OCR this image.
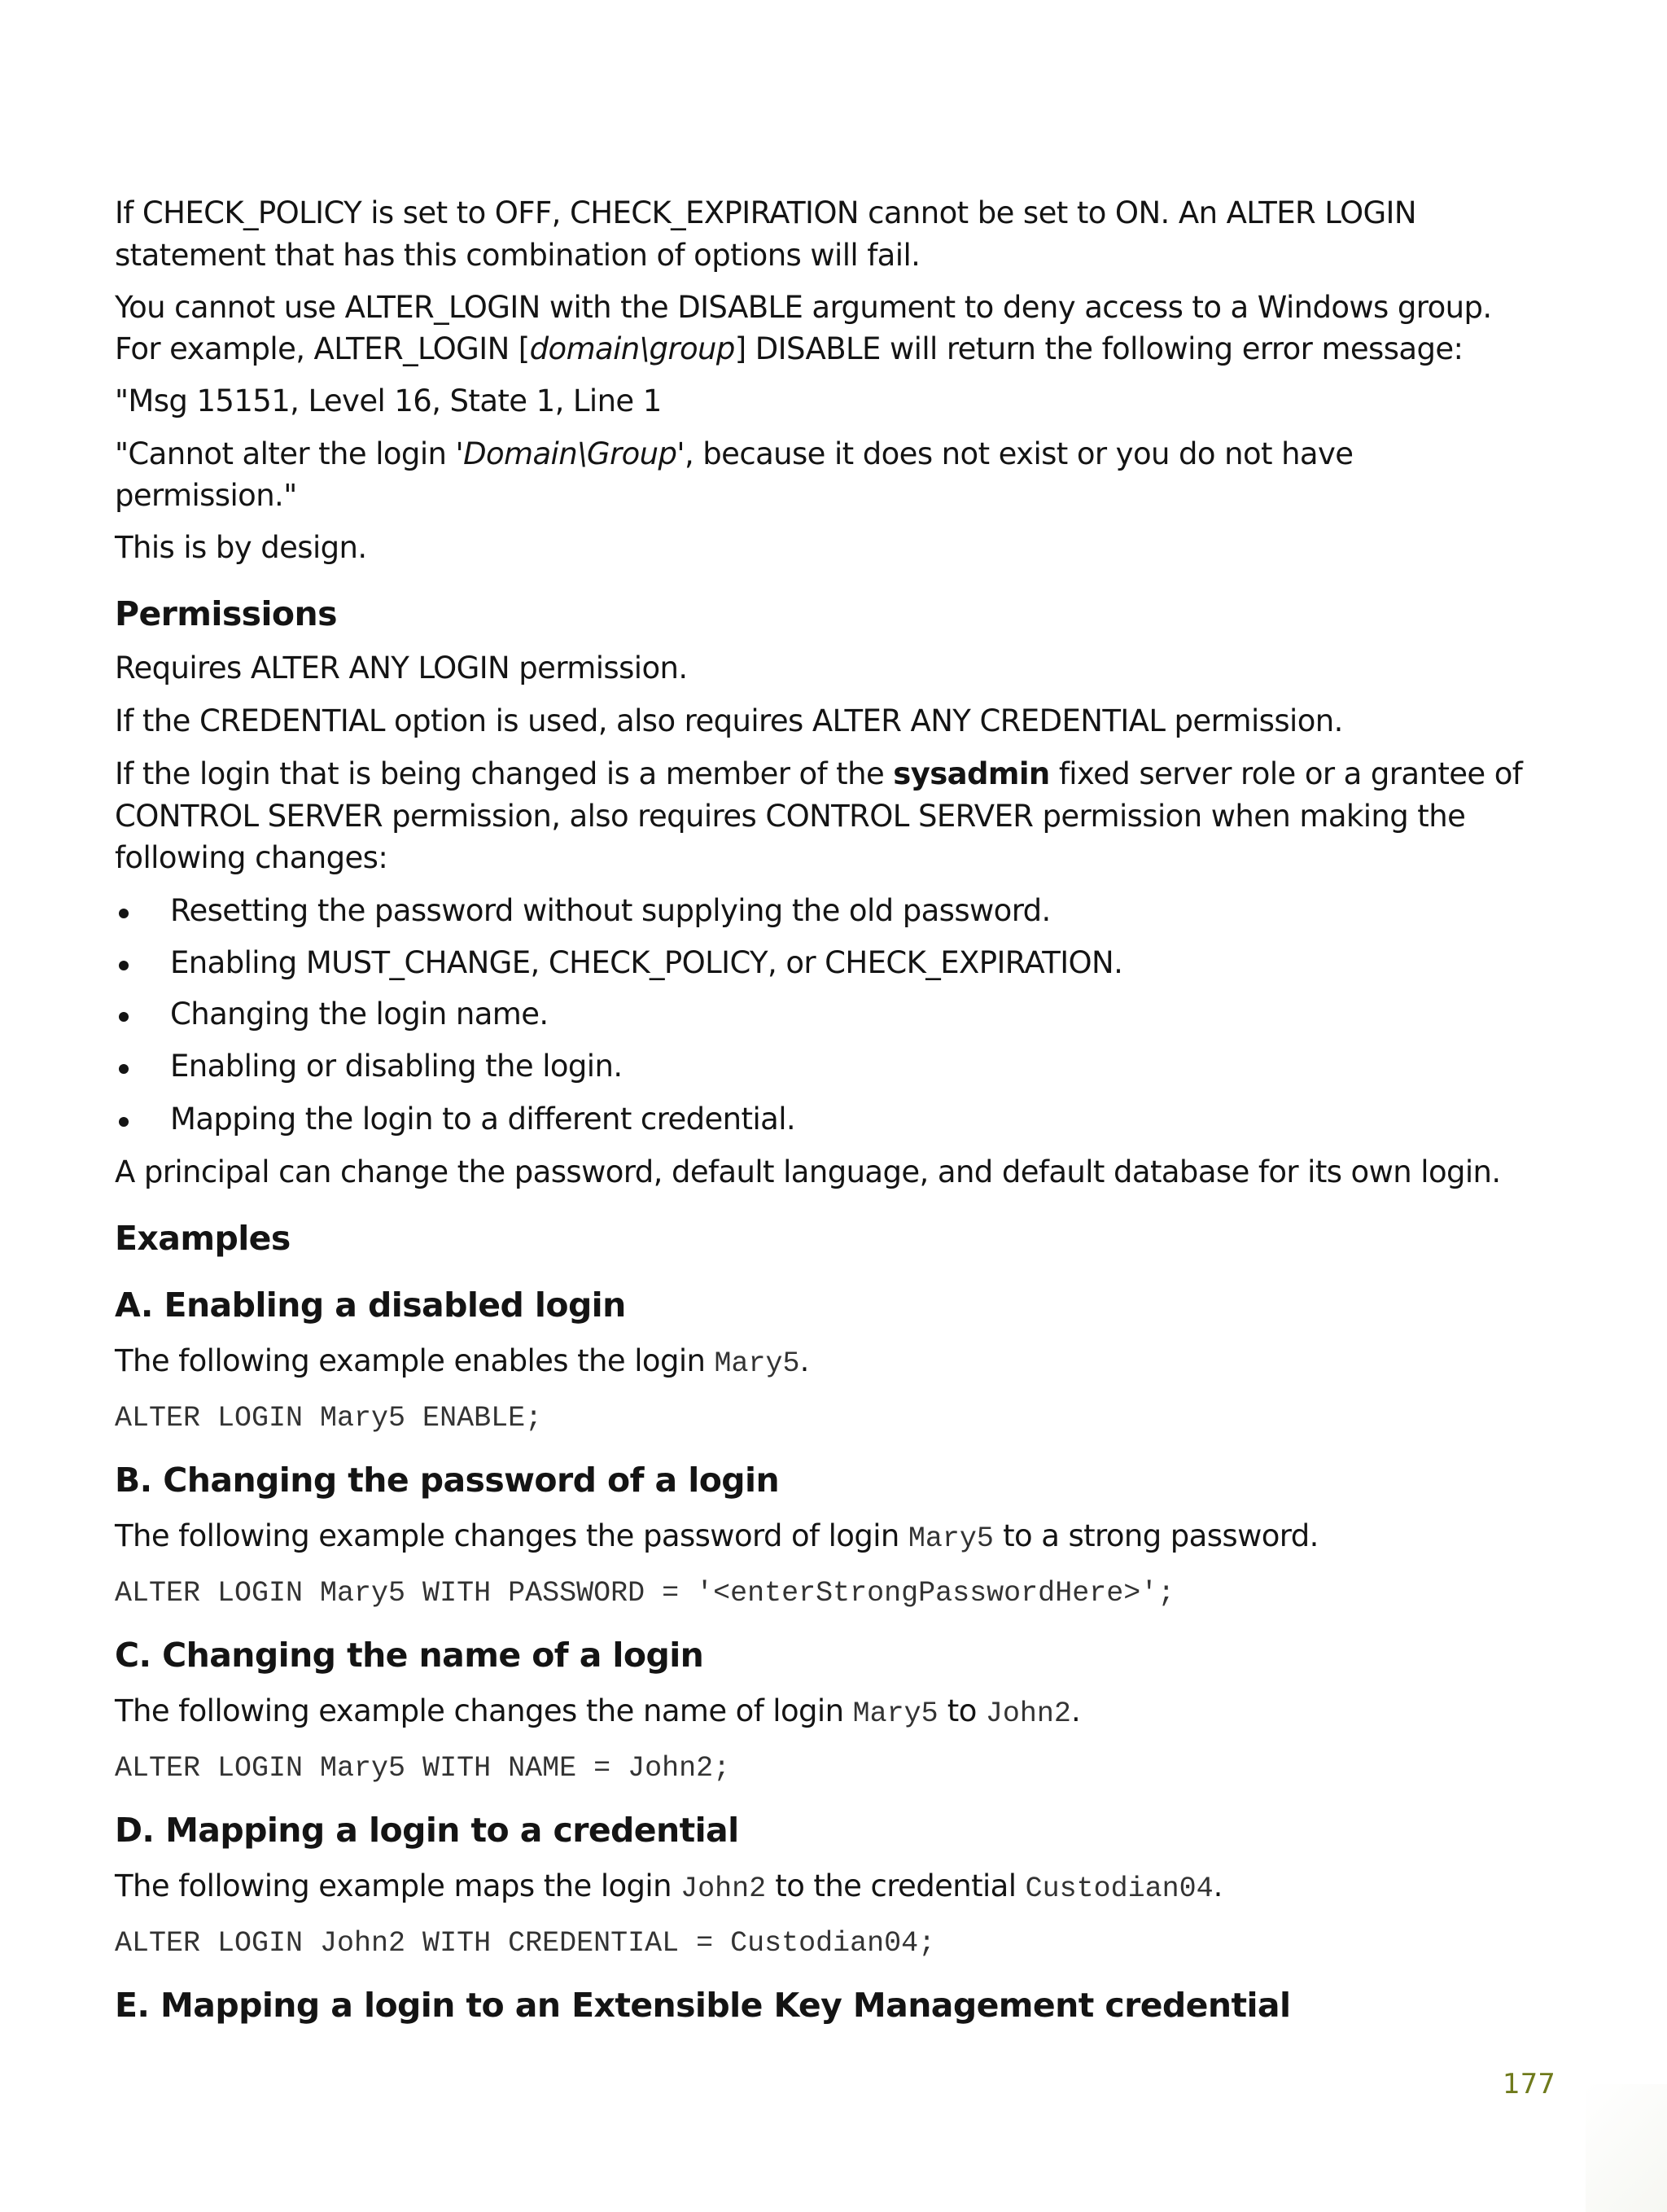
If CHECK_POLICY is set to OFF, CHECK_EXPIRATION cannot be set to ON. An ALTER LOGIN

statement that has this combination of options will fail.

You cannot use ALTER_LOGIN with the DISABLE argument to deny access to a Windows group.

For example, ALTER_LOGIN [domain\group] DISABLE will return the following error message:

"Msg 15151, Level 16, State 1, Line 1

"Cannot alter the login 'Domain\Group', because it does not exist or you do not have

permission."

This is by design.

Permissions

Requires ALTER ANY LOGIN permission.

If the CREDENTIAL option is used, also requires ALTER ANY CREDENTIAL permission.

If the login that is being changed is a member of the sysadmin fixed server role or a grantee of

CONTROL SERVER permission, also requires CONTROL SERVER permission when making the

following changes:

Resetting the password without supplying the old password.

Enabling MUST_CHANGE, CHECK_POLICY, or CHECK_EXPIRATION.

Changing the login name.

Enabling or disabling the login.

Mapping the login to a different credential.

A principal can change the password, default language, and default database for its own login.

Examples
A. Enabling a disabled login

The following example enables the login Mary5.

ALTER LOGIN Mary5 ENABLE;
B. Changing the password of a login

The following example changes the password of login Mary5 to a strong password.

ALTER LOGIN Mary5 WITH PASSWORD = '<enterStrongPasswordHere>';
C. Changing the name of a login

The following example changes the name of login Mary5 to John2.

ALTER LOGIN Mary5 WITH NAME = John2;
D. Mapping a login to a credential

The following example maps the login John2 to the credential Custodian04.

ALTER LOGIN John2 WITH CREDENTIAL = Custodian04;
E. Mapping a login to an Extensible Key Management credential
177
